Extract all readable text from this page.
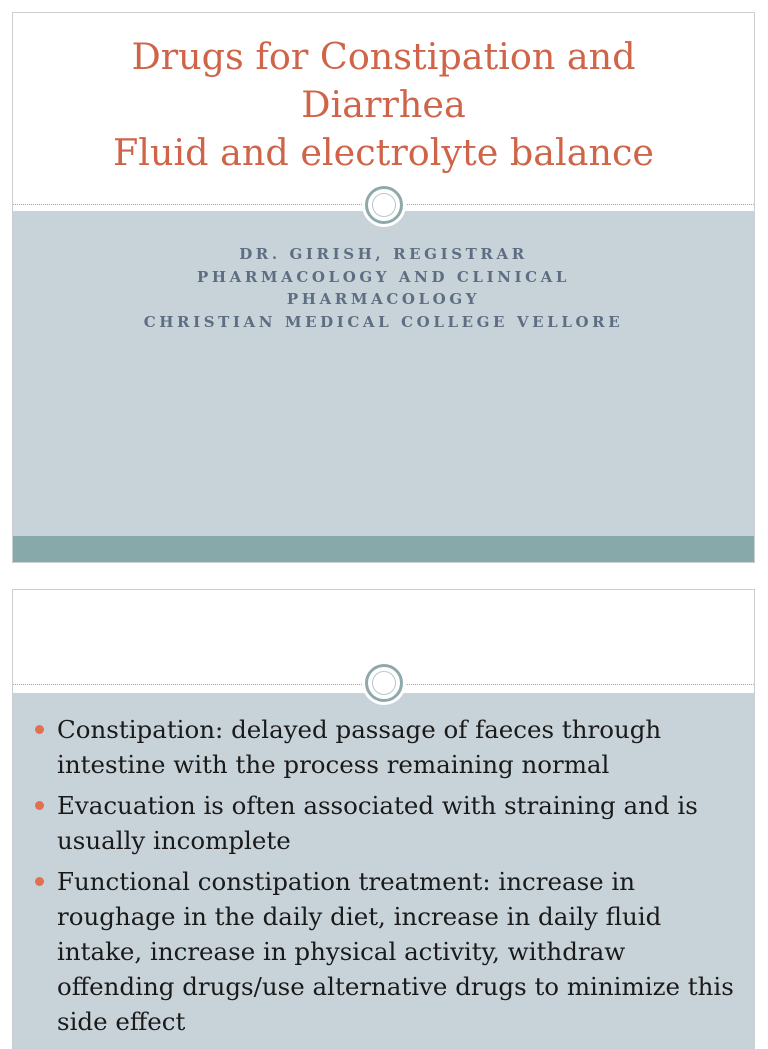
Drugs for Constipation and
Diarrhea
Fluid and electrolyte balance
DR. GIRISH, REGISTRAR
PHARMACOLOGY AND CLINICAL
PHARMACOLOGY
CHRISTIAN MEDICAL COLLEGE VELLORE
Constipation: delayed passage of faeces through intestine with the process remaining normal
Evacuation is often associated with straining and is usually incomplete
Functional constipation treatment: increase in roughage in the daily diet, increase in daily fluid intake, increase in physical activity, withdraw offending drugs/use alternative drugs to minimize this side effect
